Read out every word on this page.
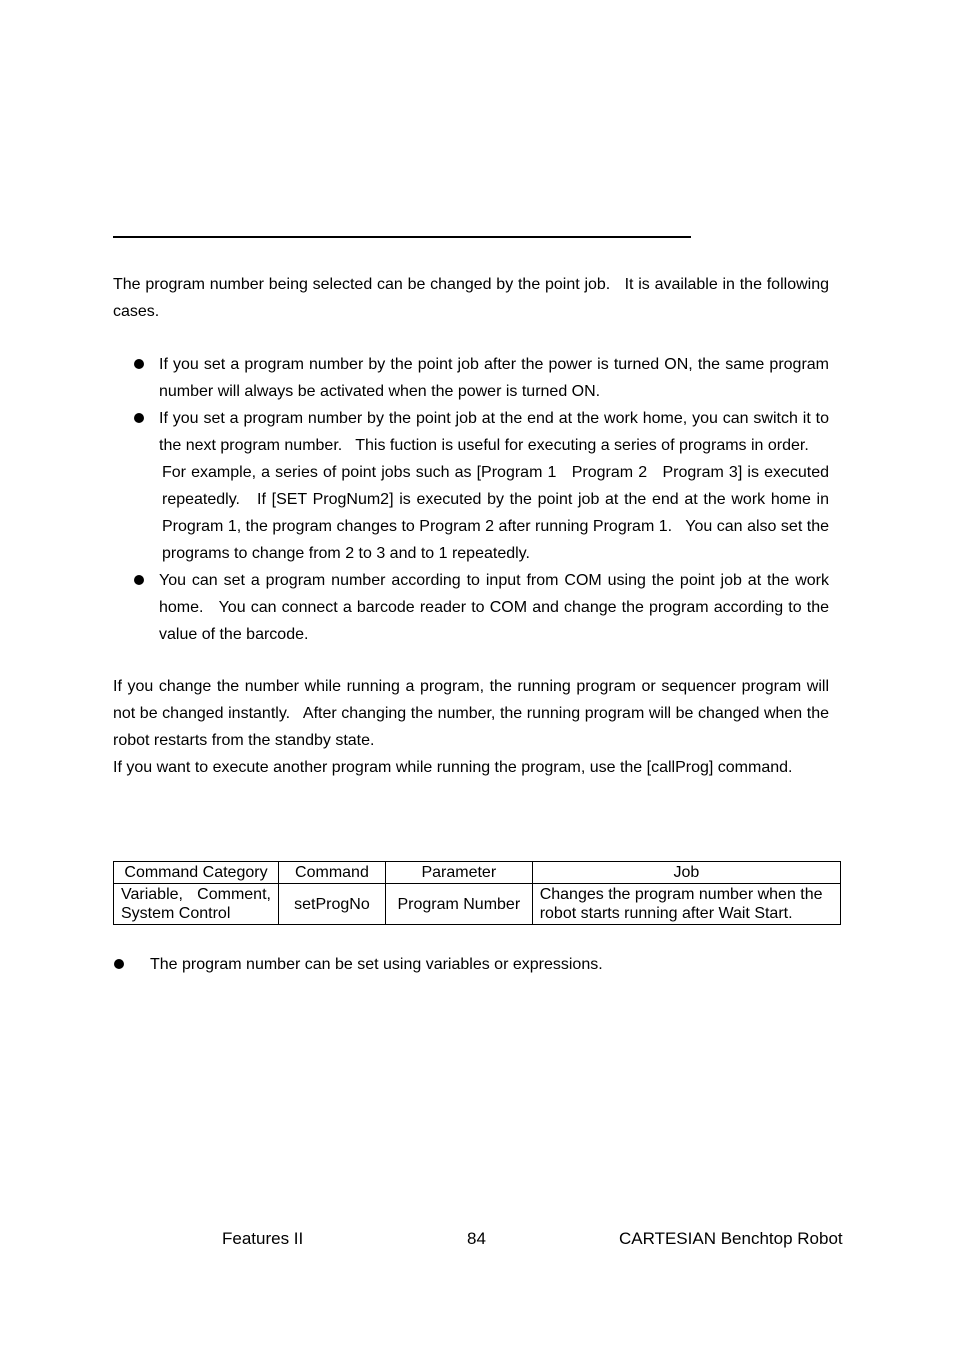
The program number being selected can be changed by the point job.   It is available in the following cases.

If you set a program number by the point job after the power is turned ON, the same program number will always be activated when the power is turned ON.
If you set a program number by the point job at the end at the work home, you can switch it to the next program number.   This fuction is useful for executing a series of programs in order.
For example, a series of point jobs such as [Program 1   Program 2   Program 3] is executed repeatedly.   If [SET ProgNum2] is executed by the point job at the end at the work home in Program 1, the program changes to Program 2 after running Program 1.   You can also set the programs to change from 2 to 3 and to 1 repeatedly.
You can set a program number according to input from COM using the point job at the work home.   You can connect a barcode reader to COM and change the program according to the value of the barcode.

If you change the number while running a program, the running program or sequencer program will not be changed instantly.   After changing the number, the running program will be changed when the robot restarts from the standby state.

If you want to execute another program while running the program, use the [callProg] command.

Command Category	Command	Parameter	Job
Variable,  Comment, System Control	setProgNo	Program Number	Changes the program number when the robot starts running after Wait Start.
The program number can be set using variables or expressions.
Features II	84	CARTESIAN Benchtop Robot
